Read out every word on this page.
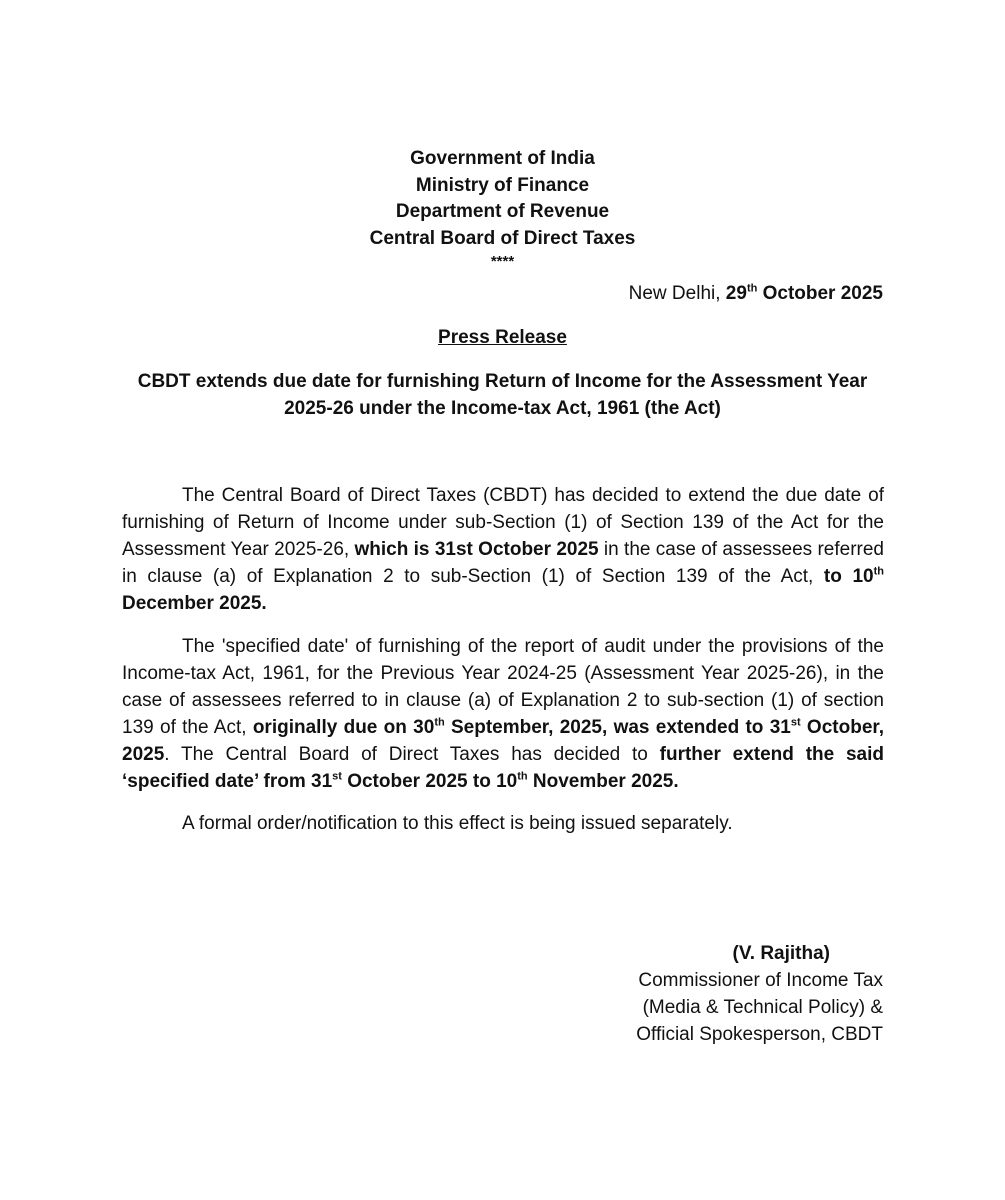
Government of India
Ministry of Finance
Department of Revenue
Central Board of Direct Taxes
****
New Delhi, 29th October 2025
Press Release
CBDT extends due date for furnishing Return of Income for the Assessment Year 2025-26 under the Income-tax Act, 1961 (the Act)
The Central Board of Direct Taxes (CBDT) has decided to extend the due date of furnishing of Return of Income under sub-Section (1) of Section 139 of the Act for the Assessment Year 2025-26, which is 31st October 2025 in the case of assessees referred in clause (a) of Explanation 2 to sub-Section (1) of Section 139 of the Act, to 10th December 2025.
The 'specified date' of furnishing of the report of audit under the provisions of the Income-tax Act, 1961, for the Previous Year 2024-25 (Assessment Year 2025-26), in the case of assessees referred to in clause (a) of Explanation 2 to sub-section (1) of section 139 of the Act, originally due on 30th September, 2025, was extended to 31st October, 2025. The Central Board of Direct Taxes has decided to further extend the said ‘specified date’ from 31st October 2025 to 10th November 2025.
A formal order/notification to this effect is being issued separately.
(V. Rajitha)
Commissioner of Income Tax
(Media & Technical Policy) &
Official Spokesperson, CBDT
